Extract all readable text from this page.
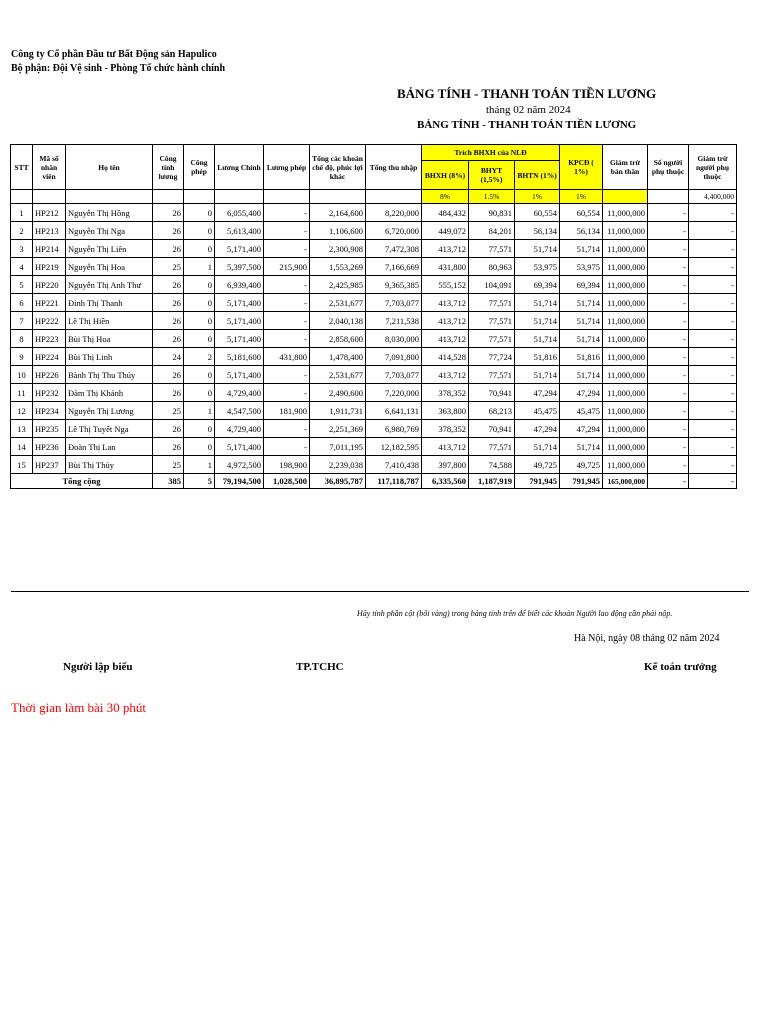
Công ty Cổ phần Đầu tư Bất Động sản Hapulico
Bộ phận: Đội Vệ sinh - Phòng Tổ chức hành chính
BẢNG TÍNH - THANH TOÁN TIỀN LƯƠNG
tháng 02 năm 2024
BẢNG TÍNH - THANH TOÁN TIỀN LƯƠNG
STT	Mã số nhân viên	Họ tên	Công tính lương	Công phép	Lương Chính	Lương phép	Tổng các khoản chế độ, phúc lợi khác	Tổng thu nhập	Trích BHXH của NLĐ			KPCĐ ( 1%)	Giảm trừ bản thân	Số người phụ thuộc	Giảm trừ người phụ thuộc
									BHXH (8%)	BHYT (1,5%)	BHTN (1%)				
									8%	1.5%	1%	1%			4,400,000
1	HP212	Nguyễn Thị Hồng	26	0	6,055,400	-	2,164,600	8,220,000	484,432	90,831	60,554	60,554	11,000,000	-	-
2	HP213	Nguyễn Thị Nga	26	0	5,613,400	-	1,106,600	6,720,000	449,072	84,201	56,134	56,134	11,000,000	-	-
3	HP214	Nguyễn Thị Liên	26	0	5,171,400	-	2,300,908	7,472,308	413,712	77,571	51,714	51,714	11,000,000	-	-
4	HP219	Nguyễn Thị Hoa	25	1	5,397,500	215,900	1,553,269	7,166,669	431,800	80,963	53,975	53,975	11,000,000	-	-
5	HP220	Nguyễn Thị Anh Thư	26	0	6,939,400	-	2,425,985	9,365,385	555,152	104,091	69,394	69,394	11,000,000	-	-
6	HP221	Đinh Thị Thanh	26	0	5,171,400	-	2,531,677	7,703,077	413,712	77,571	51,714	51,714	11,000,000	-	-
7	HP222	Lê Thị Hiền	26	0	5,171,400	-	2,040,138	7,211,538	413,712	77,571	51,714	51,714	11,000,000	-	-
8	HP223	Bùi Thị Hoa	26	0	5,171,400	-	2,858,600	8,030,000	413,712	77,571	51,714	51,714	11,000,000	-	-
9	HP224	Bùi Thị Linh	24	2	5,181,600	431,800	1,478,400	7,091,800	414,528	77,724	51,816	51,816	11,000,000	-	-
10	HP226	Bành Thị Thu Thủy	26	0	5,171,400	-	2,531,677	7,703,077	413,712	77,571	51,714	51,714	11,000,000	-	-
11	HP232	Đàm Thị Khánh	26	0	4,729,400	-	2,490,600	7,220,000	378,352	70,941	47,294	47,294	11,000,000	-	-
12	HP234	Nguyễn Thị Lương	25	1	4,547,500	181,900	1,911,731	6,641,131	363,800	68,213	45,475	45,475	11,000,000	-	-
13	HP235	Lê Thị Tuyết Nga	26	0	4,729,400	-	2,251,369	6,980,769	378,352	70,941	47,294	47,294	11,000,000	-	-
14	HP236	Đoàn Thị Lan	26	0	5,171,400	-	7,011,195	12,182,595	413,712	77,571	51,714	51,714	11,000,000	-	-
15	HP237	Bùi Thị Thủy	25	1	4,972,500	198,900	2,239,038	7,410,438	397,800	74,588	49,725	49,725	11,000,000	-	-
Tổng cộng			385	5	79,194,500	1,028,500	36,895,787	117,118,787	6,335,560	1,187,919	791,945	791,945	165,000,000	-	-
Hãy tính phần cột (bôi vàng) trong bảng tính trên để biết các khoản Người lao động cần phải nộp.
Hà Nội, ngày 08 tháng 02 năm 2024
Người lập biểu	TP.TCHC	Kế toán trưởng
Thời gian làm bài 30 phút
